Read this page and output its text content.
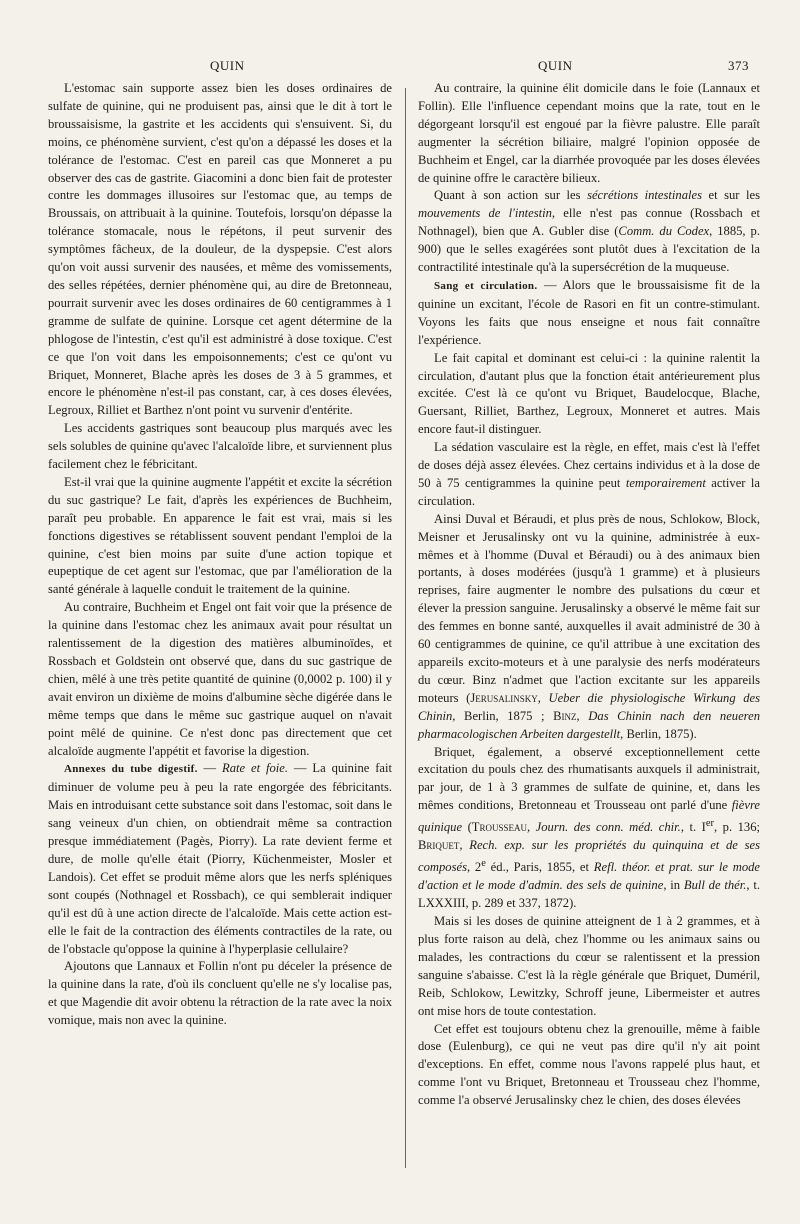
QUIN	QUIN	373

L'estomac sain supporte assez bien les doses ordinaires de sulfate de quinine, qui ne produisent pas, ainsi que le dit à tort le broussaisisme, la gastrite et les accidents qui s'ensuivent. Si, du moins, ce phénomène survient, c'est qu'on a dépassé les doses et la tolérance de l'estomac. C'est en pareil cas que Monneret a pu observer des cas de gastrite. Giacomini a donc bien fait de protester contre les dommages illusoires sur l'estomac que, au temps de Broussais, on attribuait à la quinine. Toutefois, lorsqu'on dépasse la tolérance stomacale, nous le répétons, il peut survenir des symptômes fâcheux, de la douleur, de la dyspepsie. C'est alors qu'on voit aussi survenir des nausées, et même des vomissements, des selles répétées, dernier phénomène qui, au dire de Bretonneau, pourrait survenir avec les doses ordinaires de 60 centigrammes à 1 gramme de sulfate de quinine. Lorsque cet agent détermine de la phlogose de l'intestin, c'est qu'il est administré à dose toxique. C'est ce que l'on voit dans les empoisonnements; c'est ce qu'ont vu Briquet, Monneret, Blache après les doses de 3 à 5 grammes, et encore le phénomène n'est-il pas constant, car, à ces doses élevées, Legroux, Rilliet et Barthez n'ont point vu survenir d'entérite.

Les accidents gastriques sont beaucoup plus marqués avec les sels solubles de quinine qu'avec l'alcaloïde libre, et surviennent plus facilement chez le fébricitant.

Est-il vrai que la quinine augmente l'appétit et excite la sécrétion du suc gastrique? Le fait, d'après les expériences de Buchheim, paraît peu probable. En apparence le fait est vrai, mais si les fonctions digestives se rétablissent souvent pendant l'emploi de la quinine, c'est bien moins par suite d'une action topique et eupeptique de cet agent sur l'estomac, que par l'amélioration de la santé générale à laquelle conduit le traitement de la quinine.

Au contraire, Buchheim et Engel ont fait voir que la présence de la quinine dans l'estomac chez les animaux avait pour résultat un ralentissement de la digestion des matières albuminoïdes, et Rossbach et Goldstein ont observé que, dans du suc gastrique de chien, mêlé à une très petite quantité de quinine (0,0002 p. 100) il y avait environ un dixième de moins d'albumine sèche digérée dans le même temps que dans le même suc gastrique auquel on n'avait point mêlé de quinine. Ce n'est donc pas directement que cet alcaloïde augmente l'appétit et favorise la digestion.

Annexes du tube digestif. — Rate et foie. — La quinine fait diminuer de volume peu à peu la rate engorgée des fébricitants. Mais en introduisant cette substance soit dans l'estomac, soit dans le sang veineux d'un chien, on obtiendrait même sa contraction presque immédiatement (Pagès, Piorry). La rate devient ferme et dure, de molle qu'elle était (Piorry, Küchenmeister, Mosler et Landois). Cet effet se produit même alors que les nerfs spléniques sont coupés (Nothnagel et Rossbach), ce qui semblerait indiquer qu'il est dû à une action directe de l'alcaloïde. Mais cette action est-elle le fait de la contraction des éléments contractiles de la rate, ou de l'obstacle qu'oppose la quinine à l'hyperplasie cellulaire?

Ajoutons que Lannaux et Follin n'ont pu déceler la présence de la quinine dans la rate, d'où ils concluent qu'elle ne s'y localise pas, et que Magendie dit avoir obtenu la rétraction de la rate avec la noix vomique, mais non avec la quinine.

Au contraire, la quinine élit domicile dans le foie (Lannaux et Follin). Elle l'influence cependant moins que la rate, tout en le dégorgeant lorsqu'il est engoué par la fièvre palustre. Elle paraît augmenter la sécrétion biliaire, malgré l'opinion opposée de Buchheim et Engel, car la diarrhée provoquée par les doses élevées de quinine offre le caractère bilieux.

Quant à son action sur les sécrétions intestinales et sur les mouvements de l'intestin, elle n'est pas connue (Rossbach et Nothnagel), bien que A. Gubler dise (Comm. du Codex, 1885, p. 900) que le selles exagérées sont plutôt dues à l'excitation de la contractilité intestinale qu'à la supersécrétion de la muqueuse.

Sang et circulation. — Alors que le broussaisisme fit de la quinine un excitant, l'école de Rasori en fit un contre-stimulant. Voyons les faits que nous enseigne et nous fait connaître l'expérience.

Le fait capital et dominant est celui-ci : la quinine ralentit la circulation, d'autant plus que la fonction était antérieurement plus excitée. C'est là ce qu'ont vu Briquet, Baudelocque, Blache, Guersant, Rilliet, Barthez, Legroux, Monneret et autres. Mais encore faut-il distinguer.

La sédation vasculaire est la règle, en effet, mais c'est là l'effet de doses déjà assez élevées. Chez certains individus et à la dose de 50 à 75 centigrammes la quinine peut temporairement activer la circulation.

Ainsi Duval et Béraudi, et plus près de nous, Schlokow, Block, Meisner et Jerusalinsky ont vu la quinine, administrée à eux-mêmes et à l'homme (Duval et Béraudi) ou à des animaux bien portants, à doses modérées (jusqu'à 1 gramme) et à plusieurs reprises, faire augmenter le nombre des pulsations du cœur et élever la pression sanguine. Jerusalinsky a observé le même fait sur des femmes en bonne santé, auxquelles il avait administré de 30 à 60 centigrammes de quinine, ce qu'il attribue à une excitation des appareils excito-moteurs et à une paralysie des nerfs modérateurs du cœur. Binz n'admet que l'action excitante sur les appareils moteurs (Jerusalinsky, Ueber die physiologische Wirkung des Chinin, Berlin, 1875 ; Binz, Das Chinin nach den neueren pharmacologischen Arbeiten dargestellt, Berlin, 1875).

Briquet, également, a observé exceptionnellement cette excitation du pouls chez des rhumatisants auxquels il administrait, par jour, de 1 à 3 grammes de sulfate de quinine, et, dans les mêmes conditions, Bretonneau et Trousseau ont parlé d'une fièvre quinique (Trousseau, Journ. des conn. méd. chir., t. Ier, p. 136; Briquet, Rech. exp. sur les propriétés du quinquina et de ses composés, 2e éd., Paris, 1855, et Refl. théor. et prat. sur le mode d'action et le mode d'admin. des sels de quinine, in Bull de thér., t. LXXXIII, p. 289 et 337, 1872).

Mais si les doses de quinine atteignent de 1 à 2 grammes, et à plus forte raison au delà, chez l'homme ou les animaux sains ou malades, les contractions du cœur se ralentissent et la pression sanguine s'abaisse. C'est là la règle générale que Briquet, Duméril, Reib, Schlokow, Lewitzky, Schroff jeune, Libermeister et autres ont mise hors de toute contestation.

Cet effet est toujours obtenu chez la grenouille, même à faible dose (Eulenburg), ce qui ne veut pas dire qu'il n'y ait point d'exceptions. En effet, comme nous l'avons rappelé plus haut, et comme l'ont vu Briquet, Bretonneau et Trousseau chez l'homme, comme l'a observé Jerusalinsky chez le chien, des doses élevées
